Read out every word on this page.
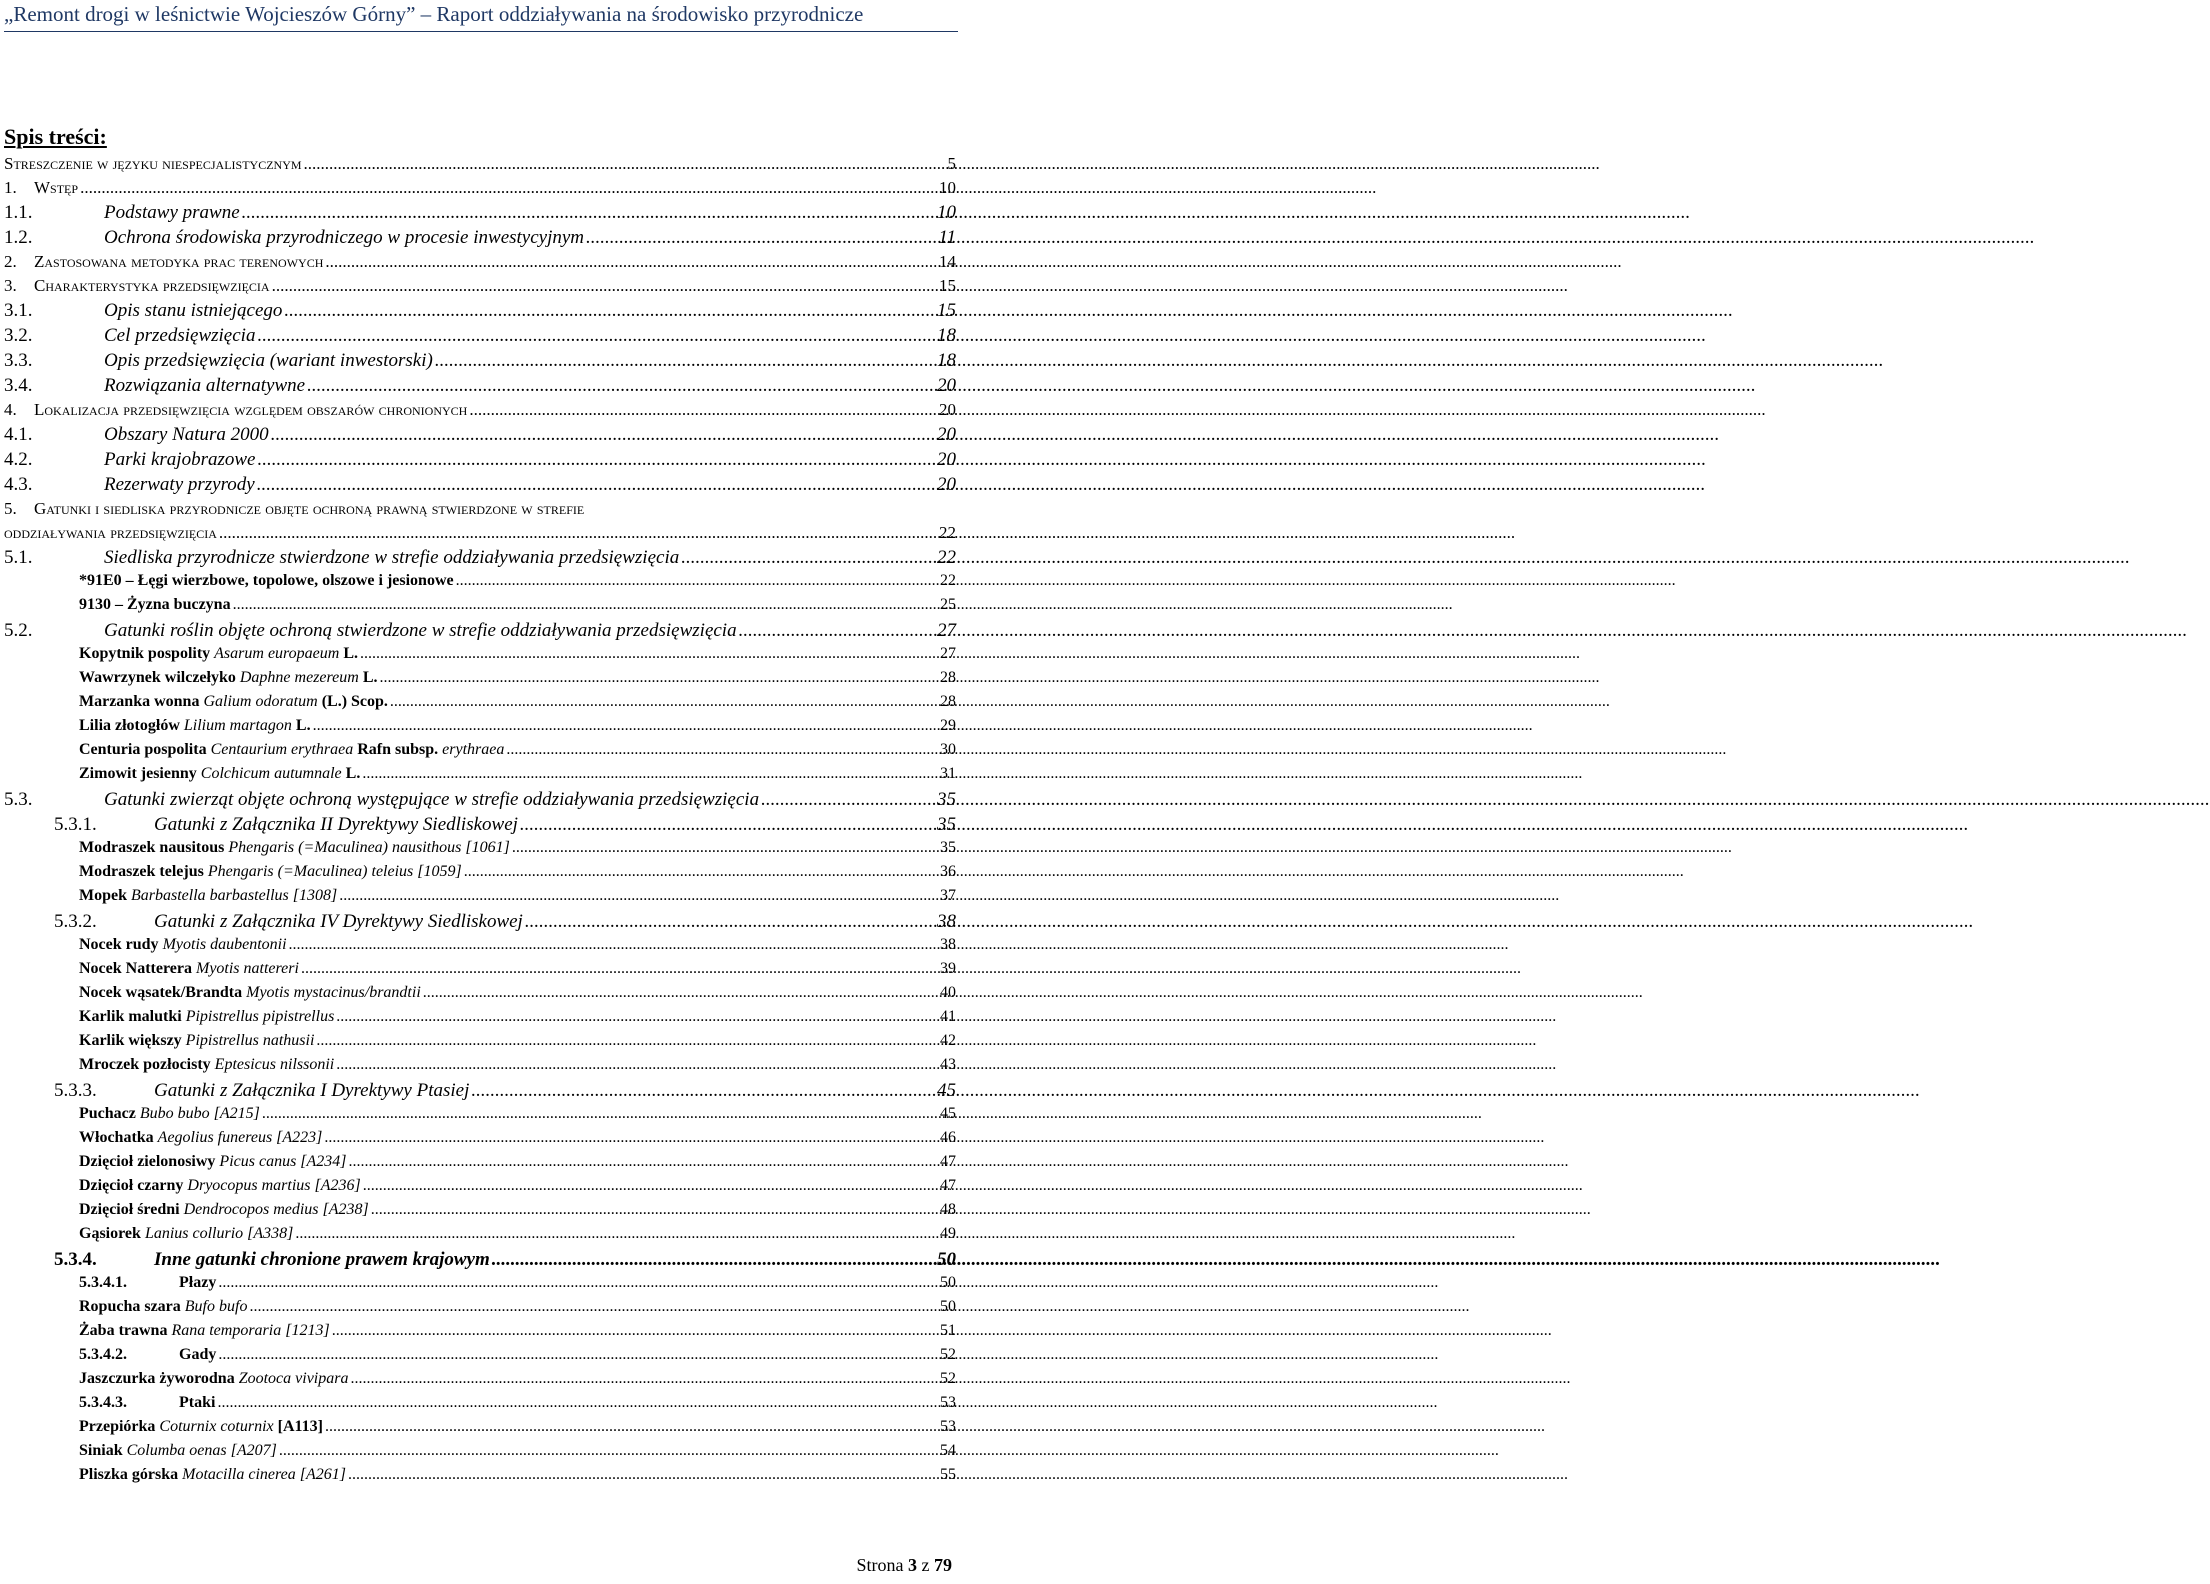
„Remont drogi w leśnictwie Wojcieszów Górny” – Raport oddziaływania na środowisko przyrodnicze
Spis treści:
Streszczenie w języku niespecjalistycznym .....	5
1.	Wstęp .....	10
1.1.	Podstawy prawne .....	10
1.2.	Ochrona środowiska przyrodniczego w procesie inwestycyjnym .....	11
2.	Zastosowana metodyka prac terenowych .....	14
3.	Charakterystyka przedsięwzięcia .....	15
3.1.	Opis stanu istniejącego .....	15
3.2.	Cel przedsięwzięcia .....	18
3.3.	Opis przedsięwzięcia (wariant inwestorski) .....	18
3.4.	Rozwiązania alternatywne .....	20
4.	Lokalizacja przedsięwzięcia względem obszarów chronionych .....	20
4.1.	Obszary Natura 2000 .....	20
4.2.	Parki krajobrazowe .....	20
4.3.	Rezerwaty przyrody .....	20
5.	Gatunki i siedliska przyrodnicze objęte ochroną prawną stwierdzone w strefie
oddziaływania przedsięwzięcia .....	22
5.1.	Siedliska przyrodnicze stwierdzone w strefie oddziaływania przedsięwzięcia .....	22
*91E0 – Łęgi wierzbowe, topolowe, olszowe i jesionowe .....	22
9130 – Żyzna buczyna .....	25
5.2.	Gatunki roślin objęte ochroną stwierdzone w strefie oddziaływania przedsięwzięcia .....	27
Kopytnik pospolity Asarum europaeum L. .....	27
Wawrzynek wilczełyko Daphne mezereum L. .....	28
Marzanka wonna Galium odoratum (L.) Scop. .....	28
Lilia złotogłów Lilium martagon L. .....	29
Centuria pospolita Centaurium erythraea Rafn subsp. erythraea .....	30
Zimowit jesienny Colchicum autumnale L. .....	31
5.3.	Gatunki zwierząt objęte ochroną występujące w strefie oddziaływania przedsięwzięcia .....	35
5.3.1.	Gatunki z Załącznika II Dyrektywy Siedliskowej .....	35
Modraszek nausitous Phengaris (=Maculinea) nausithous [1061] .....	35
Modraszek telejus Phengaris (=Maculinea) teleius [1059] .....	36
Mopek Barbastella barbastellus [1308] .....	37
5.3.2.	Gatunki z Załącznika IV Dyrektywy Siedliskowej .....	38
Nocek rudy Myotis daubentonii .....	38
Nocek Natterera Myotis nattereri .....	39
Nocek wąsatek/Brandta Myotis mystacinus/brandtii .....	40
Karlik malutki Pipistrellus pipistrellus .....	41
Karlik większy Pipistrellus nathusii .....	42
Mroczek pozłocisty Eptesicus nilssonii .....	43
5.3.3.	Gatunki z Załącznika I Dyrektywy Ptasiej .....	45
Puchacz Bubo bubo [A215] .....	45
Włochatka Aegolius funereus [A223] .....	46
Dzięcioł zielonosiwy Picus canus [A234] .....	47
Dzięcioł czarny Dryocopus martius [A236] .....	47
Dzięcioł średni Dendrocopos medius [A238] .....	48
Gąsiorek Lanius collurio [A338] .....	49
5.3.4.	Inne gatunki chronione prawem krajowym .....	50
5.3.4.1.	Płazy .....	50
Ropucha szara Bufo bufo .....	50
Żaba trawna Rana temporaria [1213] .....	51
5.3.4.2.	Gady .....	52
Jaszczurka żyworodna Zootoca vivipara .....	52
5.3.4.3.	Ptaki .....	53
Przepiórka Coturnix coturnix [A113] .....	53
Siniak Columba oenas [A207] .....	54
Pliszka górska Motacilla cinerea [A261] .....	55
Strona 3 z 79
